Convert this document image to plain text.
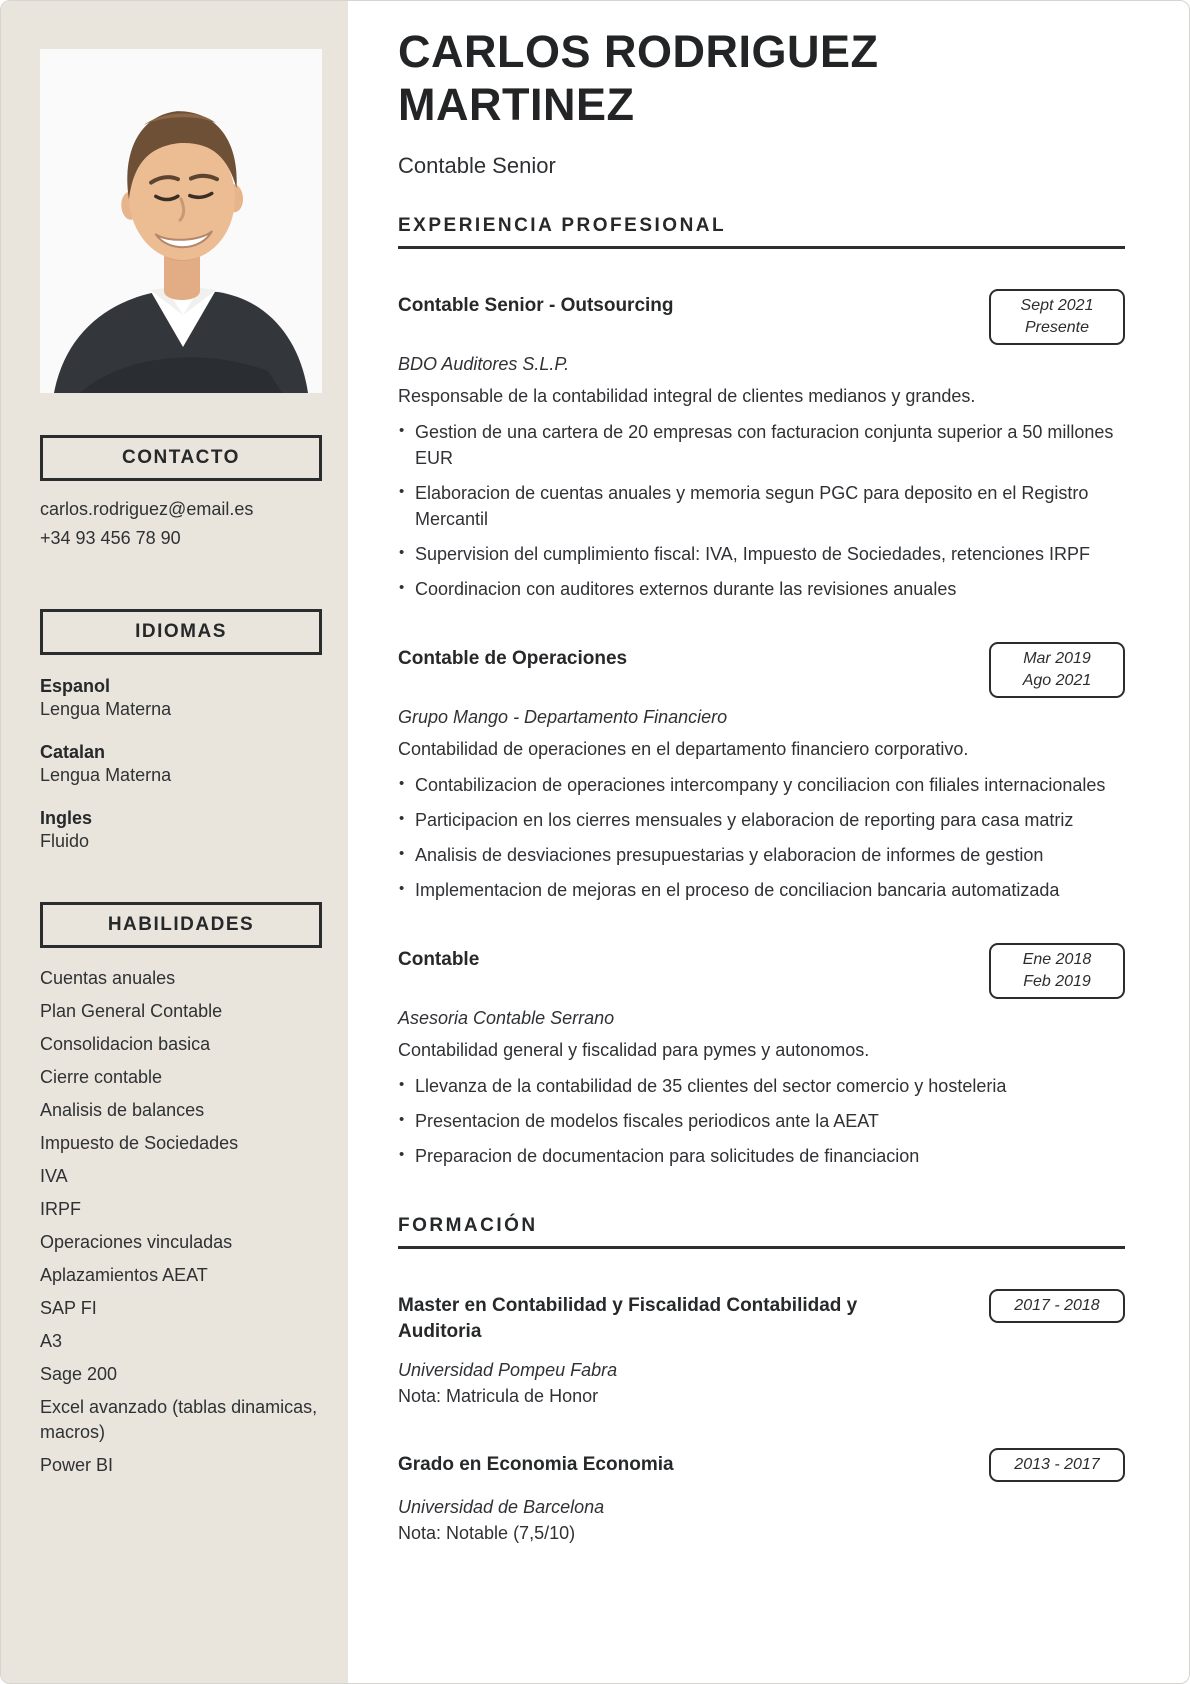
CONTACTO
carlos.rodriguez@email.es
+34 93 456 78 90
IDIOMAS
Espanol
Lengua Materna
Catalan
Lengua Materna
Ingles
Fluido
HABILIDADES
Cuentas anuales
Plan General Contable
Consolidacion basica
Cierre contable
Analisis de balances
Impuesto de Sociedades
IVA
IRPF
Operaciones vinculadas
Aplazamientos AEAT
SAP FI
A3
Sage 200
Excel avanzado (tablas dinamicas, macros)
Power BI
CARLOS RODRIGUEZ MARTINEZ
Contable Senior
EXPERIENCIA PROFESIONAL
Contable Senior - Outsourcing	Sept 2021
Presente
BDO Auditores S.L.P.

Responsable de la contabilidad integral de clientes medianos y grandes.

• Gestion de una cartera de 20 empresas con facturacion conjunta superior a 50 millones EUR
• Elaboracion de cuentas anuales y memoria segun PGC para deposito en el Registro Mercantil
• Supervision del cumplimiento fiscal: IVA, Impuesto de Sociedades, retenciones IRPF
• Coordinacion con auditores externos durante las revisiones anuales
Contable de Operaciones	Mar 2019
Ago 2021
Grupo Mango - Departamento Financiero

Contabilidad de operaciones en el departamento financiero corporativo.

• Contabilizacion de operaciones intercompany y conciliacion con filiales internacionales
• Participacion en los cierres mensuales y elaboracion de reporting para casa matriz
• Analisis de desviaciones presupuestarias y elaboracion de informes de gestion
• Implementacion de mejoras en el proceso de conciliacion bancaria automatizada
Contable	Ene 2018
Feb 2019
Asesoria Contable Serrano

Contabilidad general y fiscalidad para pymes y autonomos.

• Llevanza de la contabilidad de 35 clientes del sector comercio y hosteleria
• Presentacion de modelos fiscales periodicos ante la AEAT
• Preparacion de documentacion para solicitudes de financiacion
FORMACIÓN
Master en Contabilidad y Fiscalidad Contabilidad y Auditoria
2017 - 2018
Universidad Pompeu Fabra
Nota: Matricula de Honor
Grado en Economia Economia	2013 - 2017
Universidad de Barcelona
Nota: Notable (7,5/10)
